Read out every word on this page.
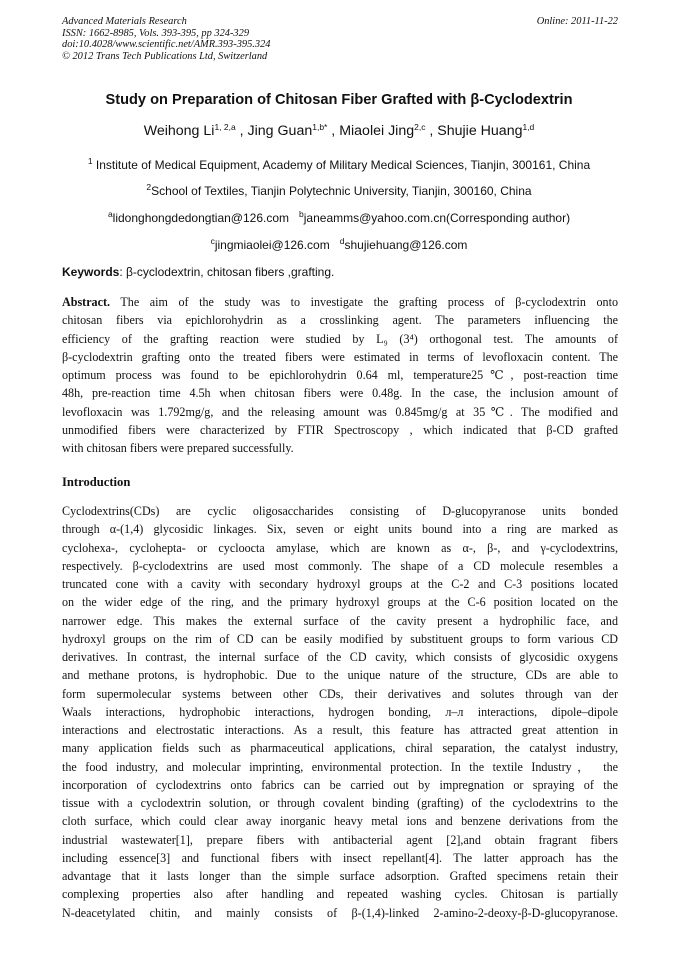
Advanced Materials Research
ISSN: 1662-8985, Vols. 393-395, pp 324-329
doi:10.4028/www.scientific.net/AMR.393-395.324
© 2012 Trans Tech Publications Ltd, Switzerland
Online: 2011-11-22
Study on Preparation of Chitosan Fiber Grafted with β-Cyclodextrin
Weihong Li$^{1, 2,a}$ , Jing Guan$^{1,b*}$ , Miaolei Jing$^{2,c}$ , Shujie Huang$^{1,d}$
$^1$ Institute of Medical Equipment, Academy of Military Medical Sciences, Tianjin, 300161, China
$^2$School of Textiles, Tianjin Polytechnic University, Tianjin, 300160, China
$^a$lidonghongdedongtian@126.com $^b$janeamms@yahoo.com.cn(Corresponding author)
$^c$jingmiaolei@126.com $^d$shujiehuang@126.com
Keywords: β-cyclodextrin, chitosan fibers ,grafting.
Abstract. The aim of the study was to investigate the grafting process of β-cyclodextrin onto
chitosan fibers via epichlorohydrin as a crosslinking agent. The parameters influencing the
efficiency of the grafting reaction were studied by L₉ (3⁴) orthogonal test. The amounts of
β-cyclodextrin grafting onto the treated fibers were estimated in terms of levofloxacin content. The
optimum process was found to be epichlorohydrin 0.64 ml, temperature25℃, post-reaction time
48h, pre-reaction time 4.5h when chitosan fibers were 0.48g. In the case, the inclusion amount of
levofloxacin was 1.792mg/g, and the releasing amount was 0.845mg/g at 35℃. The modified and
unmodified fibers were characterized by FTIR Spectroscopy , which indicated that β-CD grafted
with chitosan fibers were prepared successfully.
Introduction
Cyclodextrins(CDs) are cyclic oligosaccharides consisting of D-glucopyranose units bonded
through α-(1,4) glycosidic linkages. Six, seven or eight units bound into a ring are marked as
cyclohexa-, cyclohepta- or cycloocta amylase, which are known as α-, β-, and γ-cyclodextrins,
respectively. β-cyclodextrins are used most commonly. The shape of a CD molecule resembles a
truncated cone with a cavity with secondary hydroxyl groups at the C-2 and C-3 positions located
on the wider edge of the ring, and the primary hydroxyl groups at the C-6 position located on the
narrower edge. This makes the external surface of the cavity present a hydrophilic face, and
hydroxyl groups on the rim of CD can be easily modified by substituent groups to form various CD
derivatives. In contrast, the internal surface of the CD cavity, which consists of glycosidic oxygens
and methane protons, is hydrophobic. Due to the unique nature of the structure, CDs are able to
form supermolecular systems between other CDs, their derivatives and solutes through van der
Waals interactions, hydrophobic interactions, hydrogen bonding, л–л interactions, dipole–dipole
interactions and electrostatic interactions. As a result, this feature has attracted great attention in
many application fields such as pharmaceutical applications, chiral separation, the catalyst industry,
the food industry, and molecular imprinting, environmental protection. In the textile Industry， the
incorporation of cyclodextrins onto fabrics can be carried out by impregnation or spraying of the
tissue with a cyclodextrin solution, or through covalent binding (grafting) of the cyclodextrins to the
cloth surface, which could clear away inorganic heavy metal ions and benzene derivations from the
industrial wastewater[1], prepare fibers with antibacterial agent [2],and obtain fragrant fibers
including essence[3] and functional fibers with insect repellant[4]. The latter approach has the
advantage that it lasts longer than the simple surface adsorption. Grafted specimens retain their
complexing properties also after handling and repeated washing cycles. Chitosan is partially
N-deacetylated chitin, and mainly consists of β-(1,4)-linked 2-amino-2-deoxy-β-D-glucopyranose.
